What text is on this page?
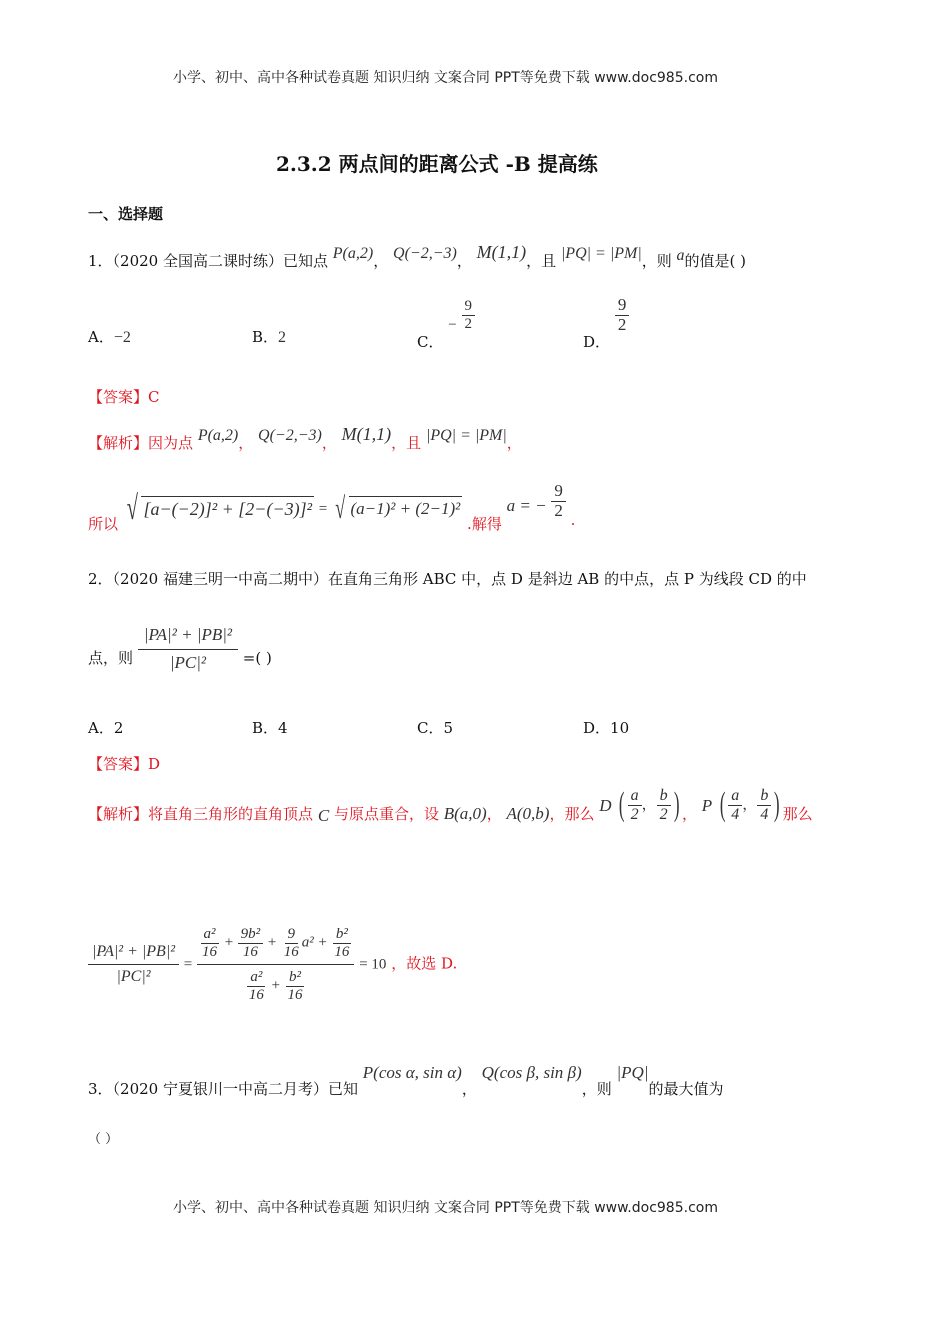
小学、初中、高中各种试卷真题 知识归纳 文案合同 PPT等免费下载 www.doc985.com
2.3.2 两点间的距离公式 -B 提高练
一、选择题
1．（2020 全国高二课时练）已知点 P(a,2)， Q(−2,−3)， M(1,1)，且 |PQ| = |PM|，则 a的值是( )
A．−2	B．2	C． − $\frac{9}{2}$
D．
$\frac{9}{2}$
【答案】C
【解析】因为点 P(a,2)， Q(−2,−3)， M(1,1)，且 |PQ| = |PM|，
所以 √ [a−(−2)]² + [2−(−3)]² = √ (a−1)² + (2−1)² .解得 a = − $\frac{9}{2}$ .
2．（2020 福建三明一中高二期中）在直角三角形 ABC 中，点 D 是斜边 AB 的中点，点 P 为线段 CD 的中
点，则 $\frac{\text{|PA|² + |PB|²}}{\text{|PC|²}}$ =( )
A．2	B．4	C．5	D．10
【答案】D
【解析】将直角三角形的直角顶点 C 与原点重合，设 B(a,0)， A(0,b)，那么 D ( $\frac{a}{2}$ ， $\frac{b}{2}$ ) ， P ( $\frac{a}{4}$ ， $\frac{b}{4}$ ) 那么
$\frac{\text{|PA|² + |PB|²}}{\text{|PC|²}}$ =
$\frac{\text{a²}}{16} + \frac{\text{9b²}}{16} + \frac{9}{16} a^2 + \frac{\text{b²}}{16}$
$\frac{\text{a²}}{16} + \frac{\text{b²}}{16}$
= 10 ，故选 D.
3．（2020 宁夏银川一中高二月考）已知 P(cos α, sin α)， Q(cos β, sin β)，则 |PQ|的最大值为
（ ）
小学、初中、高中各种试卷真题 知识归纳 文案合同 PPT等免费下载 www.doc985.com
